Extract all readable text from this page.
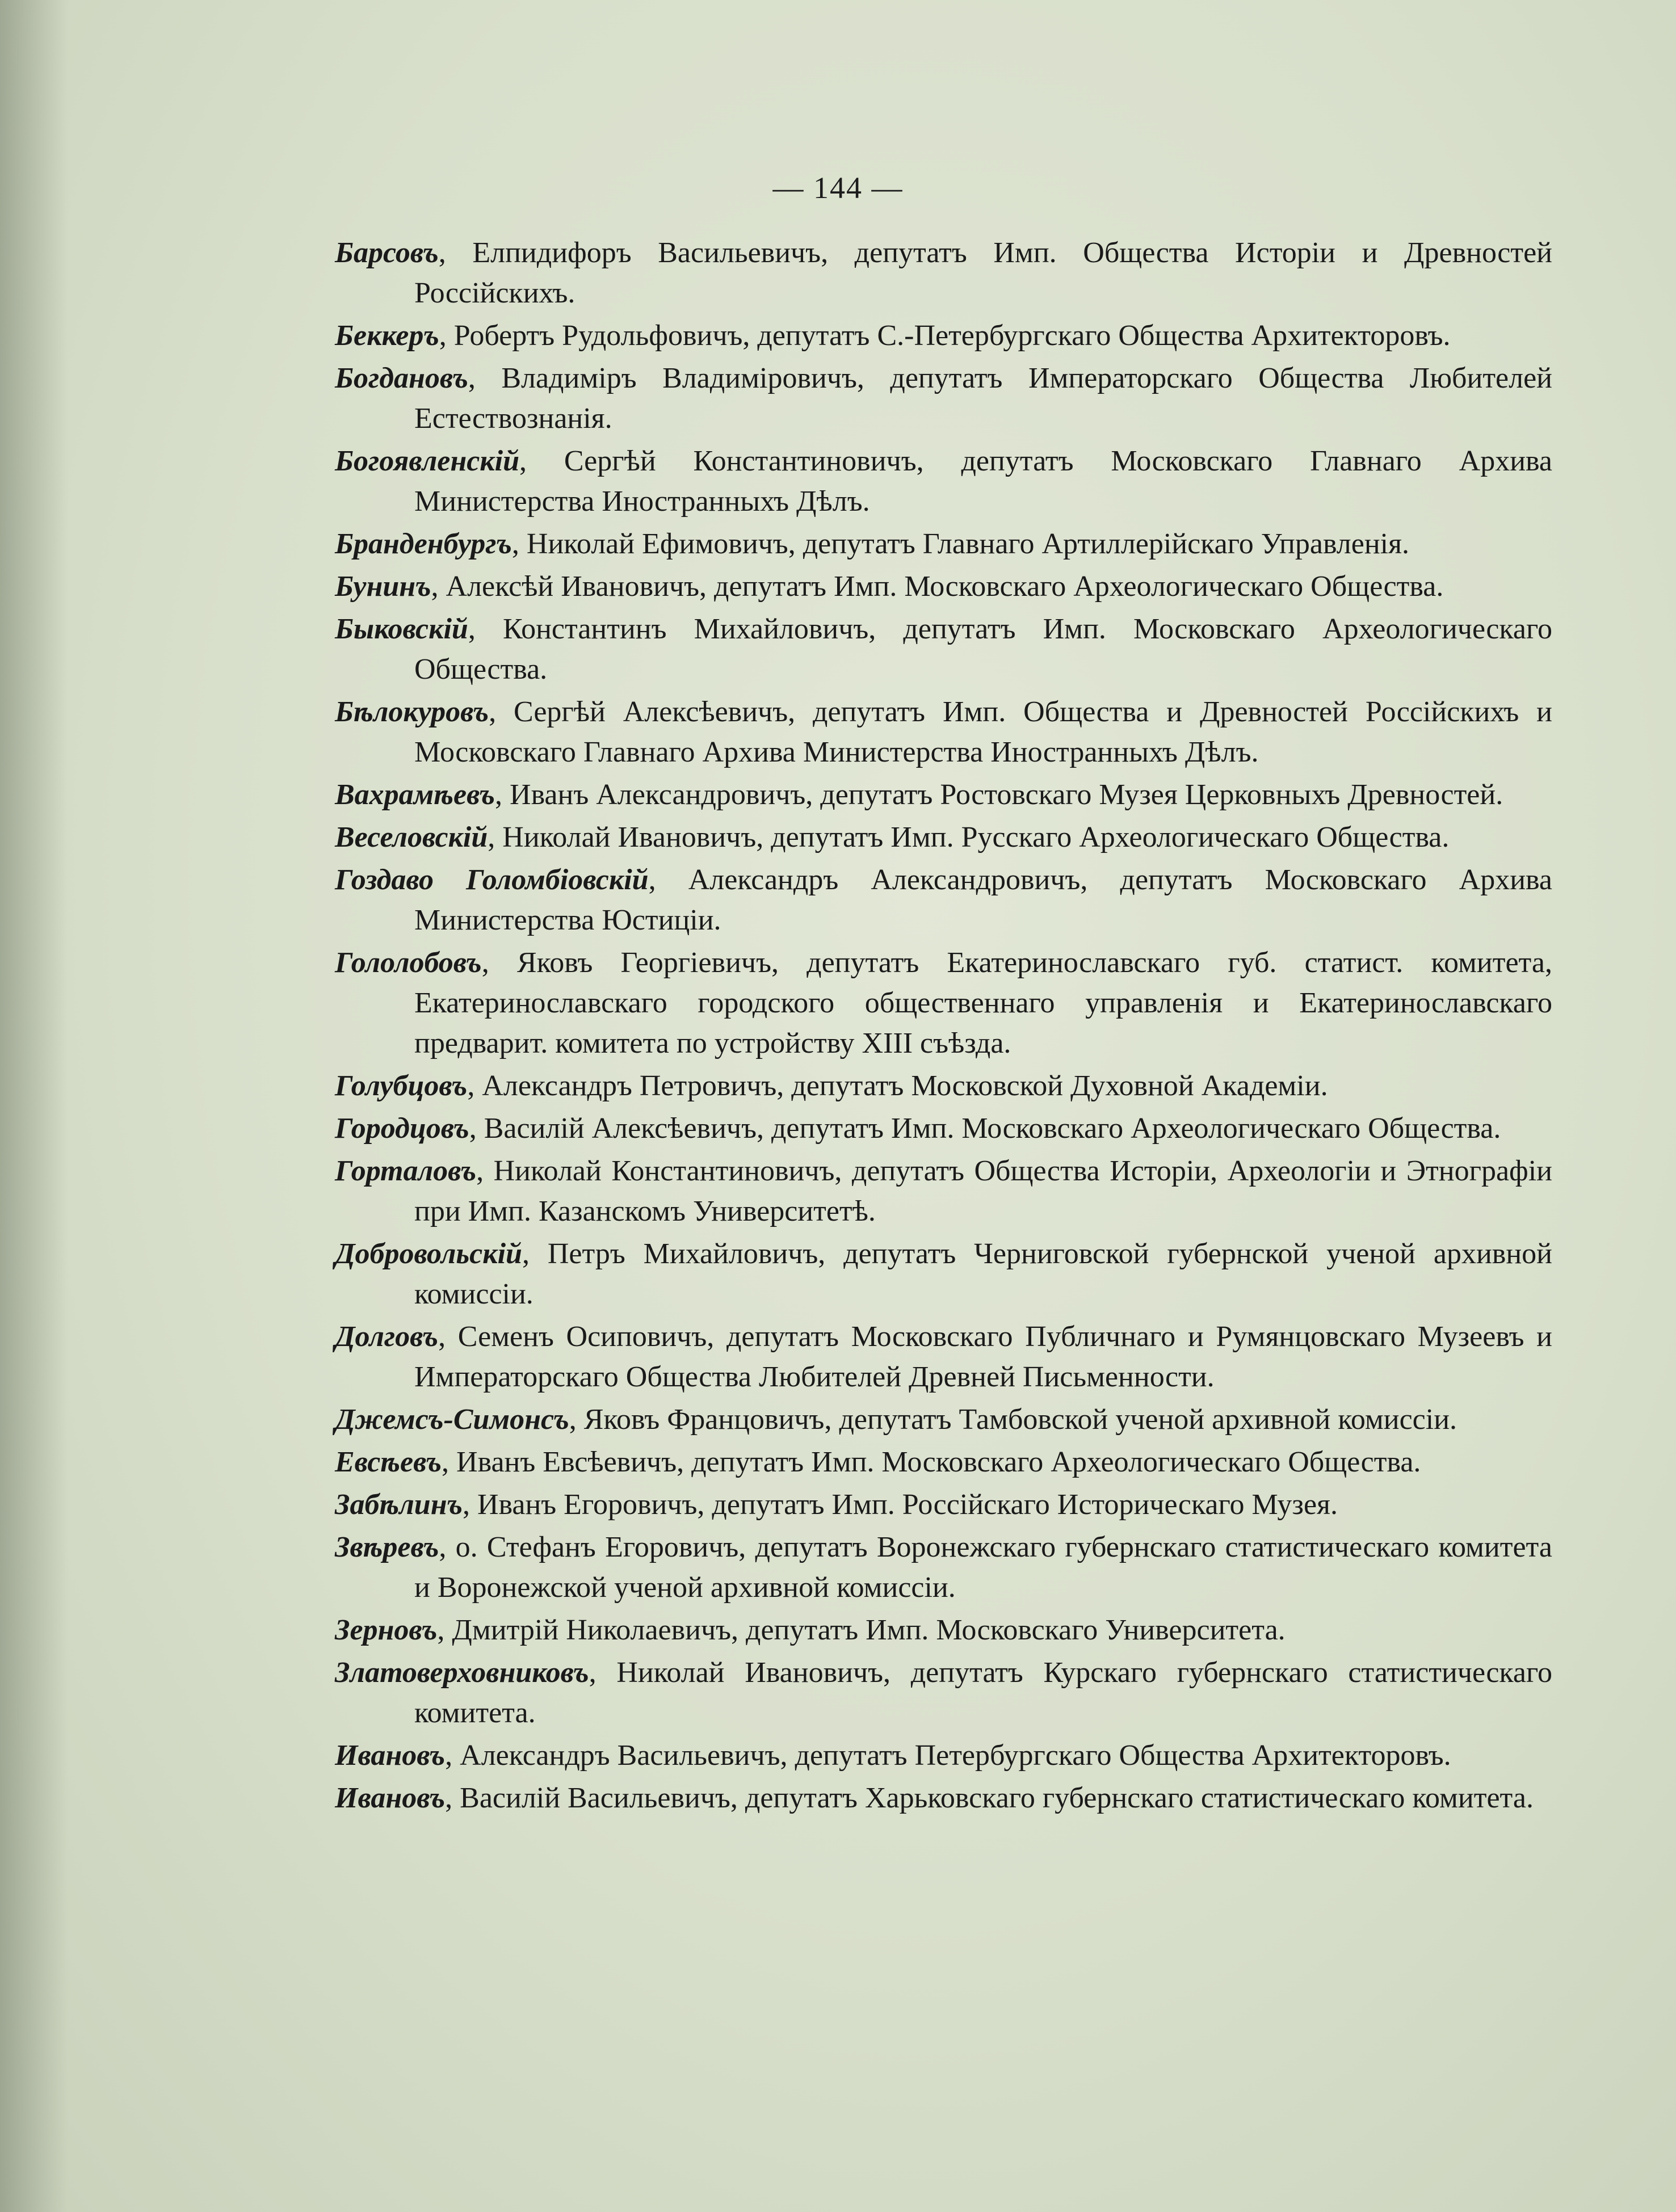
— 144 —

Барсовъ, Елпидифоръ Васильевичъ, депутатъ Имп. Общества Исторіи и Древностей Россійскихъ.

Беккеръ, Робертъ Рудольфовичъ, депутатъ С.-Петербургскаго Общества Архитекторовъ.

Богдановъ, Владиміръ Владиміровичъ, депутатъ Императорскаго Общества Любителей Естествознанія.

Богоявленскій, Сергѣй Константиновичъ, депутатъ Московскаго Главнаго Архива Министерства Иностранныхъ Дѣлъ.

Бранденбургъ, Николай Ефимовичъ, депутатъ Главнаго Артиллерійскаго Управленія.

Бунинъ, Алексѣй Ивановичъ, депутатъ Имп. Московскаго Археологическаго Общества.

Быковскій, Константинъ Михайловичъ, депутатъ Имп. Московскаго Археологическаго Общества.

Бѣлокуровъ, Сергѣй Алексѣевичъ, депутатъ Имп. Общества и Древностей Россійскихъ и Московскаго Главнаго Архива Министерства Иностранныхъ Дѣлъ.

Вахрамѣевъ, Иванъ Александровичъ, депутатъ Ростовскаго Музея Церковныхъ Древностей.

Веселовскій, Николай Ивановичъ, депутатъ Имп. Русскаго Археологическаго Общества.

Гоздаво Голомбіовскій, Александръ Александровичъ, депутатъ Московскаго Архива Министерства Юстиціи.

Гололобовъ, Яковъ Георгіевичъ, депутатъ Екатеринославскаго губ. статист. комитета, Екатеринославскаго городского общественнаго управленія и Екатеринославскаго предварит. комитета по устройству XIII съѣзда.

Голубцовъ, Александръ Петровичъ, депутатъ Московской Духовной Академіи.

Городцовъ, Василій Алексѣевичъ, депутатъ Имп. Московскаго Археологическаго Общества.

Горталовъ, Николай Константиновичъ, депутатъ Общества Исторіи, Археологіи и Этнографіи при Имп. Казанскомъ Университетѣ.

Добровольскій, Петръ Михайловичъ, депутатъ Черниговской губернской ученой архивной комиссіи.

Долговъ, Семенъ Осиповичъ, депутатъ Московскаго Публичнаго и Румянцовскаго Музеевъ и Императорскаго Общества Любителей Древней Письменности.

Джемсъ-Симонсъ, Яковъ Францовичъ, депутатъ Тамбовской ученой архивной комиссіи.

Евсѣевъ, Иванъ Евсѣевичъ, депутатъ Имп. Московскаго Археологическаго Общества.

Забѣлинъ, Иванъ Егоровичъ, депутатъ Имп. Россійскаго Историческаго Музея.

Звѣревъ, о. Стефанъ Егоровичъ, депутатъ Воронежскаго губернскаго статистическаго комитета и Воронежской ученой архивной комиссіи.

Зерновъ, Дмитрій Николаевичъ, депутатъ Имп. Московскаго Университета.

Златоверховниковъ, Николай Ивановичъ, депутатъ Курскаго губернскаго статистическаго комитета.

Ивановъ, Александръ Васильевичъ, депутатъ Петербургскаго Общества Архитекторовъ.

Ивановъ, Василій Васильевичъ, депутатъ Харьковскаго губернскаго статистическаго комитета.
